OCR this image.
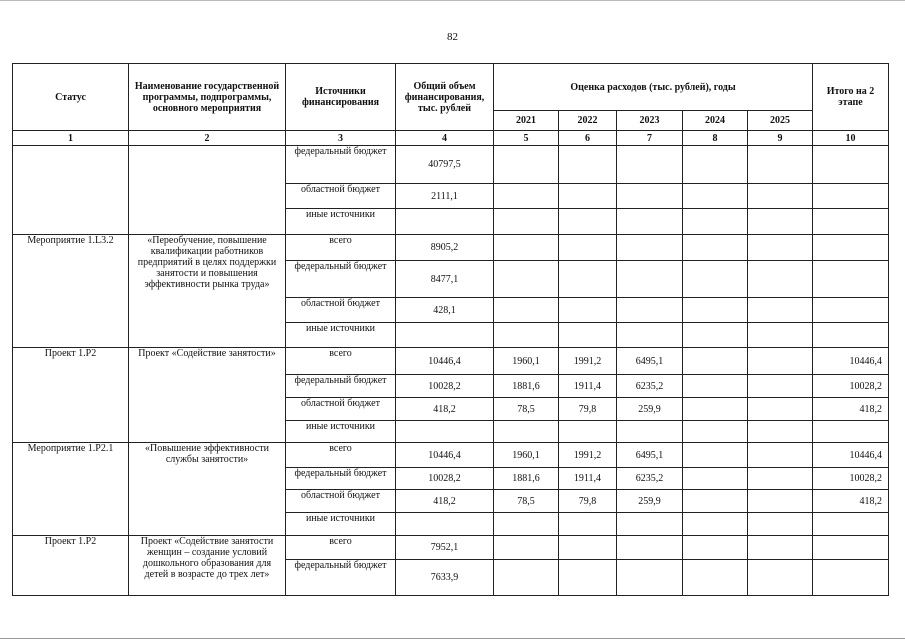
82
Статус	Наименование государственной программы, подпрограммы, основного мероприятия	Источники финансирования	Общий объем финансирования, тыс. рублей	Оценка расходов (тыс. рублей), годы					Итого на 2 этапе
				2021	2022	2023	2024	2025	
1	2	3	4	5	6	7	8	9	10
		федеральный бюджет	40797,5						
		областной бюджет	2111,1						
		иные источники							
Мероприятие 1.L3.2	«Переобучение, повышение квалификации работников предприятий в целях поддержки занятости и повышения эффективности рынка труда»	всего	8905,2						
		федеральный бюджет	8477,1						
		областной бюджет	428,1						
		иные источники							
Проект 1.Р2	Проект «Содействие занятости»	всего	10446,4	1960,1	1991,2	6495,1			10446,4
		федеральный бюджет	10028,2	1881,6	1911,4	6235,2			10028,2
		областной бюджет	418,2	78,5	79,8	259,9			418,2
		иные источники							
Мероприятие 1.Р2.1	«Повышение эффективности службы занятости»	всего	10446,4	1960,1	1991,2	6495,1			10446,4
		федеральный бюджет	10028,2	1881,6	1911,4	6235,2			10028,2
		областной бюджет	418,2	78,5	79,8	259,9			418,2
		иные источники							
Проект 1.Р2	Проект «Содействие занятости женщин – создание условий дошкольного образования для детей в возрасте до трех лет»	всего	7952,1						
		федеральный бюджет	7633,9						
